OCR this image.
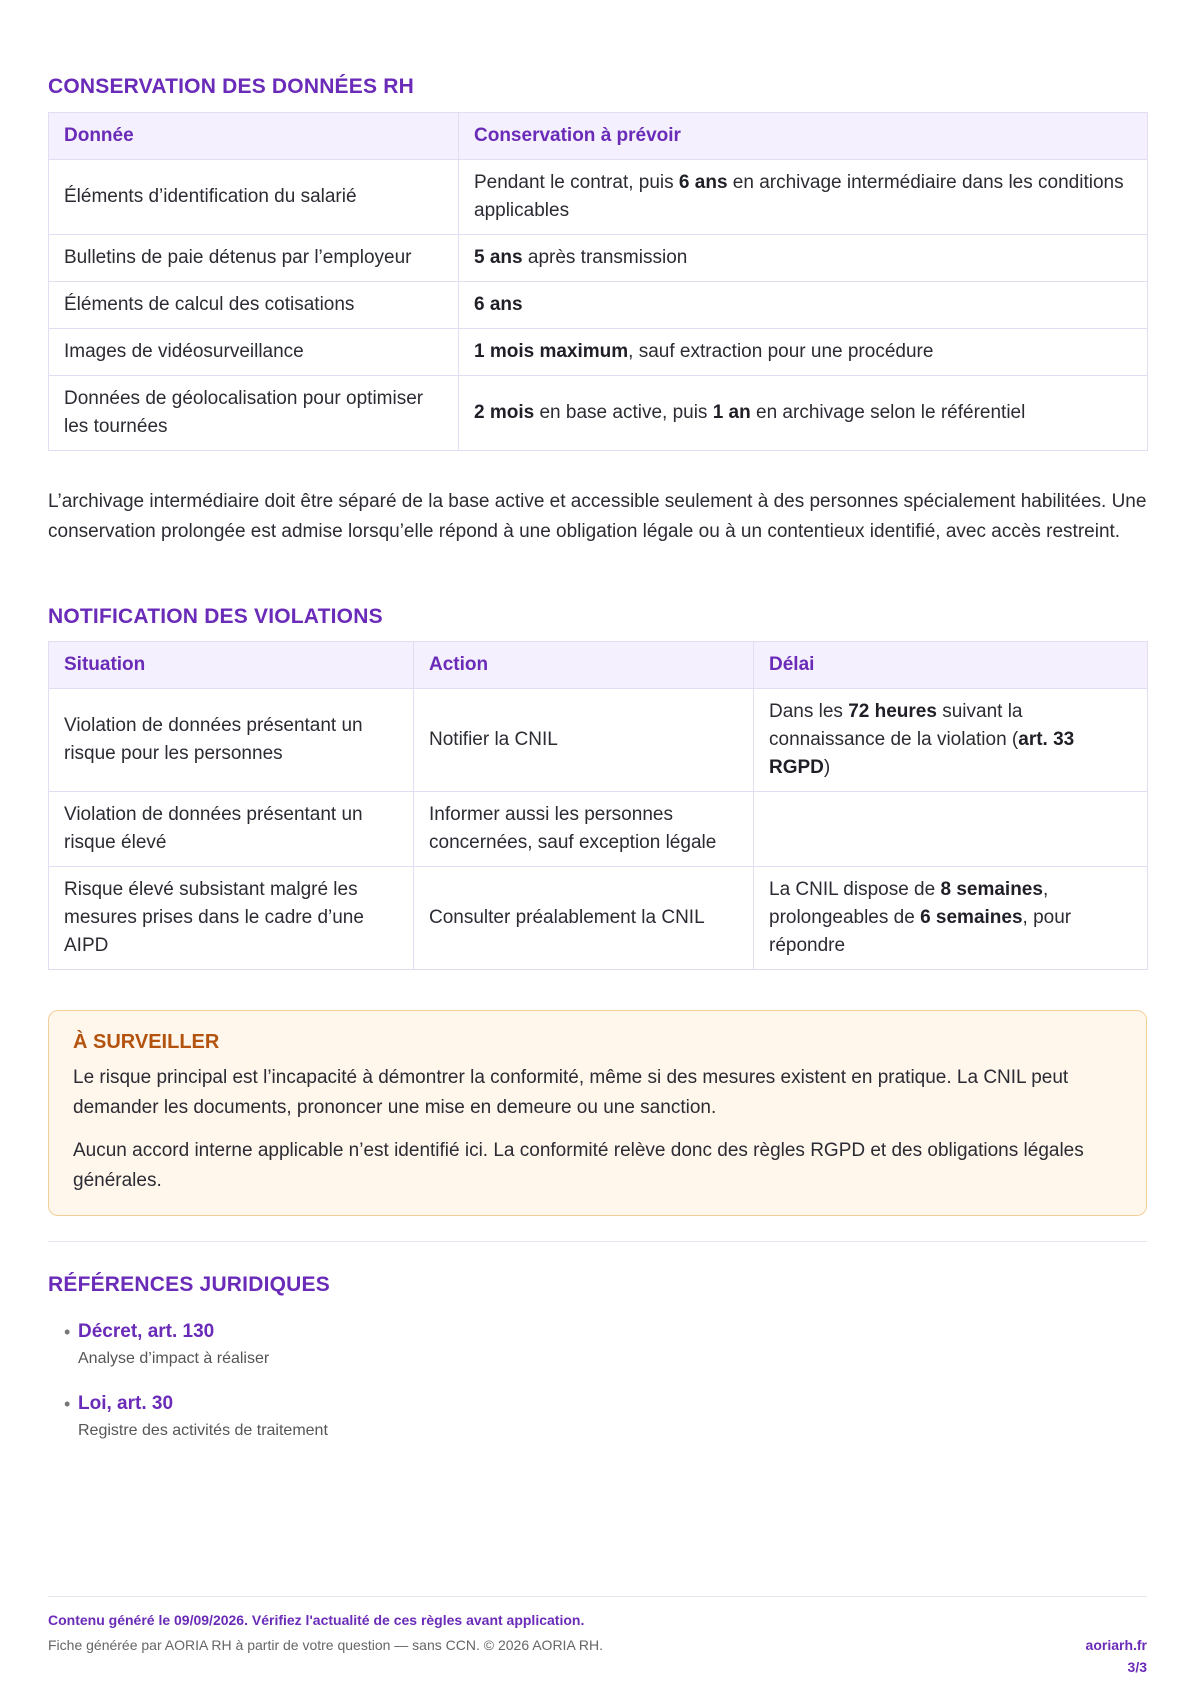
CONSERVATION DES DONNÉES RH
Donnée	Conservation à prévoir
Éléments d’identification du salarié	Pendant le contrat, puis 6 ans en archivage intermédiaire dans les conditions applicables
Bulletins de paie détenus par l’employeur	5 ans après transmission
Éléments de calcul des cotisations	6 ans
Images de vidéosurveillance	1 mois maximum, sauf extraction pour une procédure
Données de géolocalisation pour optimiser les tournées	2 mois en base active, puis 1 an en archivage selon le référentiel

L’archivage intermédiaire doit être séparé de la base active et accessible seulement à des personnes spécialement habilitées. Une conservation prolongée est admise lorsqu’elle répond à une obligation légale ou à un contentieux identifié, avec accès restreint.

NOTIFICATION DES VIOLATIONS
Situation	Action	Délai
Violation de données présentant un risque pour les personnes	Notifier la CNIL	Dans les 72 heures suivant la connaissance de la violation (art. 33 RGPD)
Violation de données présentant un risque élevé	Informer aussi les personnes concernées, sauf exception légale	
Risque élevé subsistant malgré les mesures prises dans le cadre d’une AIPD	Consulter préalablement la CNIL	La CNIL dispose de 8 semaines, prolongeables de 6 semaines, pour répondre
À SURVEILLER

Le risque principal est l’incapacité à démontrer la conformité, même si des mesures existent en pratique. La CNIL peut demander les documents, prononcer une mise en demeure ou une sanction.

Aucun accord interne applicable n’est identifié ici. La conformité relève donc des règles RGPD et des obligations légales générales.

RÉFÉRENCES JURIDIQUES
• Décret, art. 130
Analyse d’impact à réaliser
• Loi, art. 30
Registre des activités de traitement
Contenu généré le 09/09/2026. Vérifiez l'actualité de ces règles avant application.
Fiche générée par AORIA RH à partir de votre question — sans CCN. © 2026 AORIA RH.	aoriarh.fr
3/3
